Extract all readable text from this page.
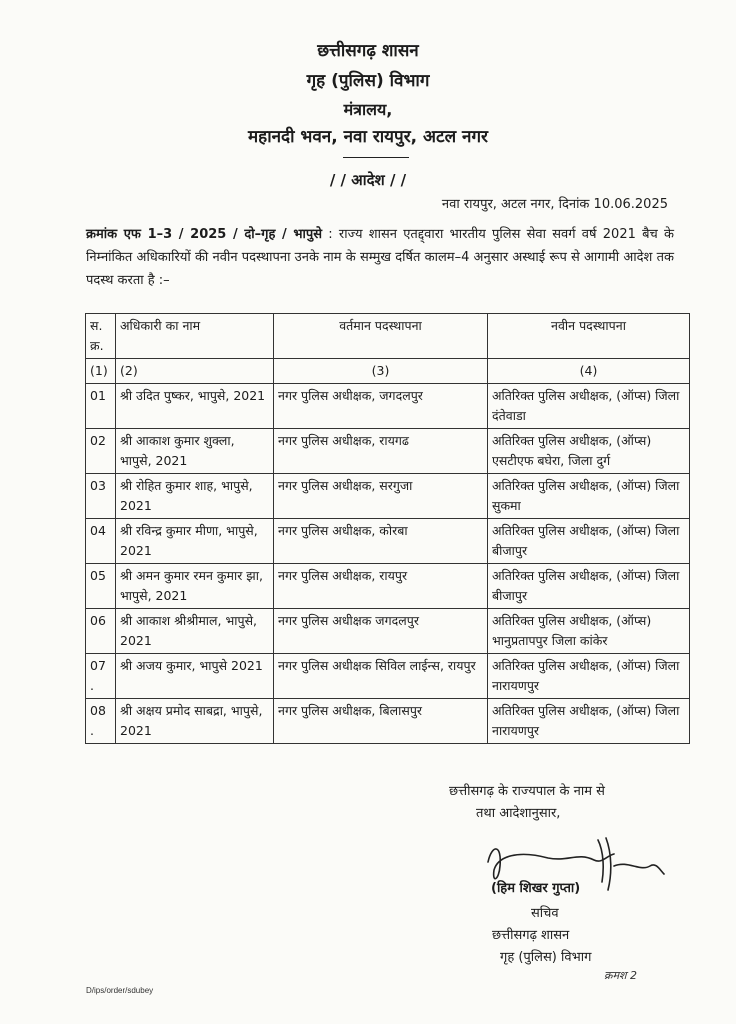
छत्तीसगढ़ शासन
गृह (पुलिस) विभाग
मंत्रालय,
महानदी भवन, नवा रायपुर, अटल नगर
/ / आदेश / /
नवा रायपुर, अटल नगर, दिनांक 10.06.2025
क्रमांक एफ 1–3 / 2025 / दो–गृह / भापुसे : राज्य शासन एतद्द्वारा भारतीय पुलिस सेवा सवर्ग वर्ष 2021 बैच के निम्नांकित अधिकारियों की नवीन पदस्थापना उनके नाम के सम्मुख दर्षित कालम–4 अनुसार अस्थाई रूप से आगामी आदेश तक पदस्थ करता है :–
स. क्र.	अधिकारी का नाम	वर्तमान पदस्थापना	नवीन पदस्थापना
(1)	(2)	(3)	(4)
01	श्री उदित पुष्कर, भापुसे, 2021	नगर पुलिस अधीक्षक, जगदलपुर	अतिरिक्त पुलिस अधीक्षक, (ऑप्स) जिला दंतेवाडा
02	श्री आकाश कुमार शुक्ला, भापुसे, 2021	नगर पुलिस अधीक्षक, रायगढ	अतिरिक्त पुलिस अधीक्षक, (ऑप्स) एसटीएफ बघेरा, जिला दुर्ग
03	श्री रोहित कुमार शाह, भापुसे, 2021	नगर पुलिस अधीक्षक, सरगुजा	अतिरिक्त पुलिस अधीक्षक, (ऑप्स) जिला सुकमा
04	श्री रविन्द्र कुमार मीणा, भापुसे, 2021	नगर पुलिस अधीक्षक, कोरबा	अतिरिक्त पुलिस अधीक्षक, (ऑप्स) जिला बीजापुर
05	श्री अमन कुमार रमन कुमार झा, भापुसे, 2021	नगर पुलिस अधीक्षक, रायपुर	अतिरिक्त पुलिस अधीक्षक, (ऑप्स) जिला बीजापुर
06	श्री आकाश श्रीश्रीमाल, भापुसे, 2021	नगर पुलिस अधीक्षक जगदलपुर	अतिरिक्त पुलिस अधीक्षक, (ऑप्स) भानुप्रतापपुर जिला कांकेर
07 .	श्री अजय कुमार, भापुसे 2021	नगर पुलिस अधीक्षक सिविल लाईन्स, रायपुर	अतिरिक्त पुलिस अधीक्षक, (ऑप्स) जिला नारायणपुर
08 .	श्री अक्षय प्रमोद साबद्रा, भापुसे, 2021	नगर पुलिस अधीक्षक, बिलासपुर	अतिरिक्त पुलिस अधीक्षक, (ऑप्स) जिला नारायणपुर
छत्तीसगढ़ के राज्यपाल के नाम से
तथा आदेशानुसार,
(हिम शिखर गुप्ता)
सचिव
छत्तीसगढ़ शासन
गृह (पुलिस) विभाग
क्रमश 2
D/ips/order/sdubey
